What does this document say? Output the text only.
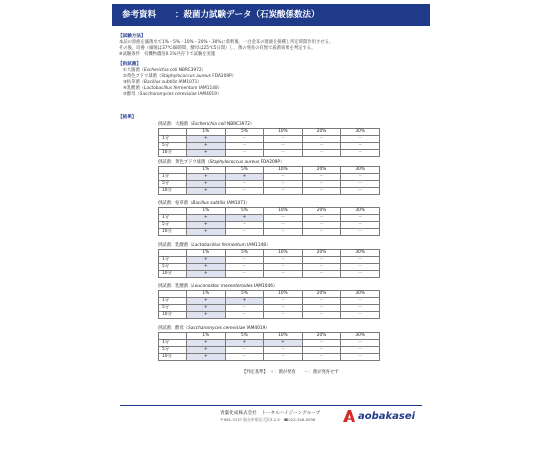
参考資料 ：殺菌力試験データ（石炭酸係数法）
【試験方法】
本品の原液を滅菌水で1%・5%・10%・20%・30%に希釈後、一白金耳の菌液を接種し所定時間作用させる。
その後、培養（細菌は37℃48時間、酵母は25℃5日間）し、菌の発育の有無で殺菌効果を判定する。
※試験条件　有機物濃度0.1%共存下で試験を実施
【供試菌】
①大腸菌（Escherichia coli NBRC3972）
②黄色ブドウ球菌（Staphylococcus aureus FDA209P）
③枯草菌（Bacillus subtilis IAM1071）
④乳酸菌（Lactobacillus fermentum IAM1148）
⑤酵母（Saccharomyces cerevisiae IAM4019）
【結果】
供試菌：大腸菌（Escherichia coli NBRC3972）
	1%	5%	10%	20%	30%
1分	+	－	－	－	－
5分	+	－	－	－	－
10分	+	－	－	－	－
供試菌：黄色ブドウ球菌（Staphylococcus aureus FDA209P）
	1%	5%	10%	20%	30%
1分	+	+	－	－	－
5分	+	－	－	－	－
10分	+	－	－	－	－
供試菌：枯草菌（Bacillus subtilis IAM1071）
	1%	5%	10%	20%	30%
1分	+	+	－	－	－
5分	+	－	－	－	－
10分	+	－	－	－	－
供試菌：乳酸菌（Lactobacillus fermentum IAM1148）
	1%	5%	10%	20%	30%
1分	+	－	－	－	－
5分	+	－	－	－	－
10分	+	－	－	－	－
供試菌：乳酸菌（Leuconostoc mesenteroides IAM1046）
	1%	5%	10%	20%	30%
1分	+	+	－	－	－
5分	+	－	－	－	－
10分	+	－	－	－	－
供試菌：酵母（Saccharomyces cerevisiae IAM4019）
	1%	5%	10%	20%	30%
1分	+	+	+	－	－
5分	+	－	－	－	－
10分	+	－	－	－	－
【判定基準】　＋：菌が発育　　－：菌が発育せず
青葉化成株式会社　トータルハイジーングループ
〒981-3137 仙台市泉区大沢3-2-5　☎022-346-0096	aobakasei
